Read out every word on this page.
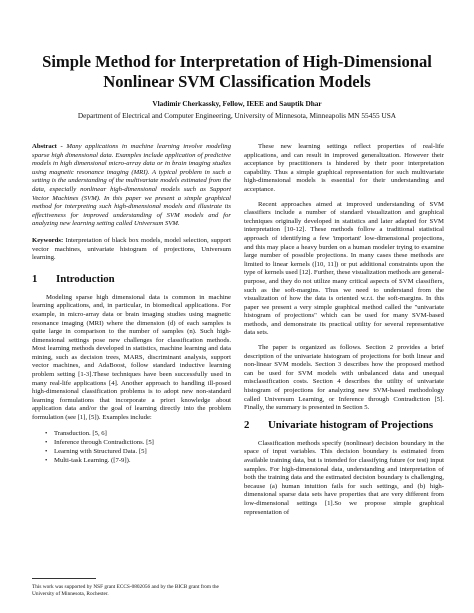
Simple Method for Interpretation of High-Dimensional Nonlinear SVM Classification Models
Vladimir Cherkassky, Fellow, IEEE and Sauptik Dhar
Department of Electrical and Computer Engineering, University of Minnesota, Minneapolis MN 55455 USA

Abstract - Many applications in machine learning involve modeling sparse high dimensional data. Examples include application of predictive models in high dimensional micro-array data or in brain imaging studies using magnetic resonance imaging (MRI). A typical problem in such a setting is the understanding of the multivariate models estimated from the data, especially nonlinear high-dimensional models such as Support Vector Machines (SVM). In this paper we present a simple graphical method for interpreting such high-dimensional models and illustrate its effectiveness for improved understanding of SVM models and for analyzing new learning setting called Universum SVM.

Keywords: Interpretation of black box models, model selection, support vector machines, univariate histogram of projections, Universum learning.

1 Introduction

Modeling sparse high dimensional data is common in machine learning applications, and, in particular, in biomedical applications. For example, in micro-array data or brain imaging studies using magnetic resonance imaging (MRI) where the dimension (d) of each samples is quite large in comparison to the number of samples (n). Such high-dimensional settings pose new challenges for classification methods. Most learning methods developed in statistics, machine learning and data mining, such as decision trees, MARS, discriminant analysis, support vector machines, and AdaBoost, follow standard inductive learning problem setting [1-3].These techniques have been successfully used in many real-life applications [4]. Another approach to handling ill-posed high-dimensional classification problems is to adopt new non-standard learning formulations that incorporate a priori knowledge about application data and/or the goal of learning directly into the problem formulation (see [1], [5]). Examples include:

• Transduction. [5, 6]
• Inference through Contradictions. [5]
• Learning with Structured Data. [5]
• Multi-task Learning. ([7-9]).
This work was supported by NSF grant ECCS-0802056 and by the BICB grant from the University of Minnesota, Rochester.

These new learning settings reflect properties of real-life applications, and can result in improved generalization. However their acceptance by practitioners is hindered by their poor interpretation capability. Thus a simple graphical representation for such multivariate high-dimensional models is essential for their understanding and acceptance.

Recent approaches aimed at improved understanding of SVM classifiers include a number of standard visualization and graphical techniques originally developed in statistics and later adapted for SVM interpretation [10-12]. These methods follow a traditional statistical approach of identifying a few 'important' low-dimensional projections, and this may place a heavy burden on a human modeler trying to examine large number of possible projections. In many cases these methods are limited to linear kernels ([10, 11]) or put additional constraints upon the type of kernels used [12]. Further, these visualization methods are general-purpose, and they do not utilize many critical aspects of SVM classifiers, such as the soft-margins. Thus we need to understand from the visualization of how the data is oriented w.r.t. the soft-margins. In this paper we present a very simple graphical method called the "univariate histogram of projections" which can be used for many SVM-based methods, and demonstrate its practical utility for several representative data sets.

The paper is organized as follows. Section 2 provides a brief description of the univariate histogram of projections for both linear and non-linear SVM models. Section 3 describes how the proposed method can be used for SVM models with unbalanced data and unequal misclassification costs. Section 4 describes the utility of univariate histogram of projections for analyzing new SVM-based methodology called Universum Learning, or Inference through Contradiction [5]. Finally, the summary is presented in Section 5.

2 Univariate histogram of Projections

Classification methods specify (nonlinear) decision boundary in the space of input variables. This decision boundary is estimated from available training data, but is intended for classifying future (or test) input samples. For high-dimensional data, understanding and interpretation of both the training data and the estimated decision boundary is challenging, because (a) human intuition fails for such settings, and (b) high-dimensional sparse data sets have properties that are very different from low-dimensional settings [1].So we propose simple graphical representation of
